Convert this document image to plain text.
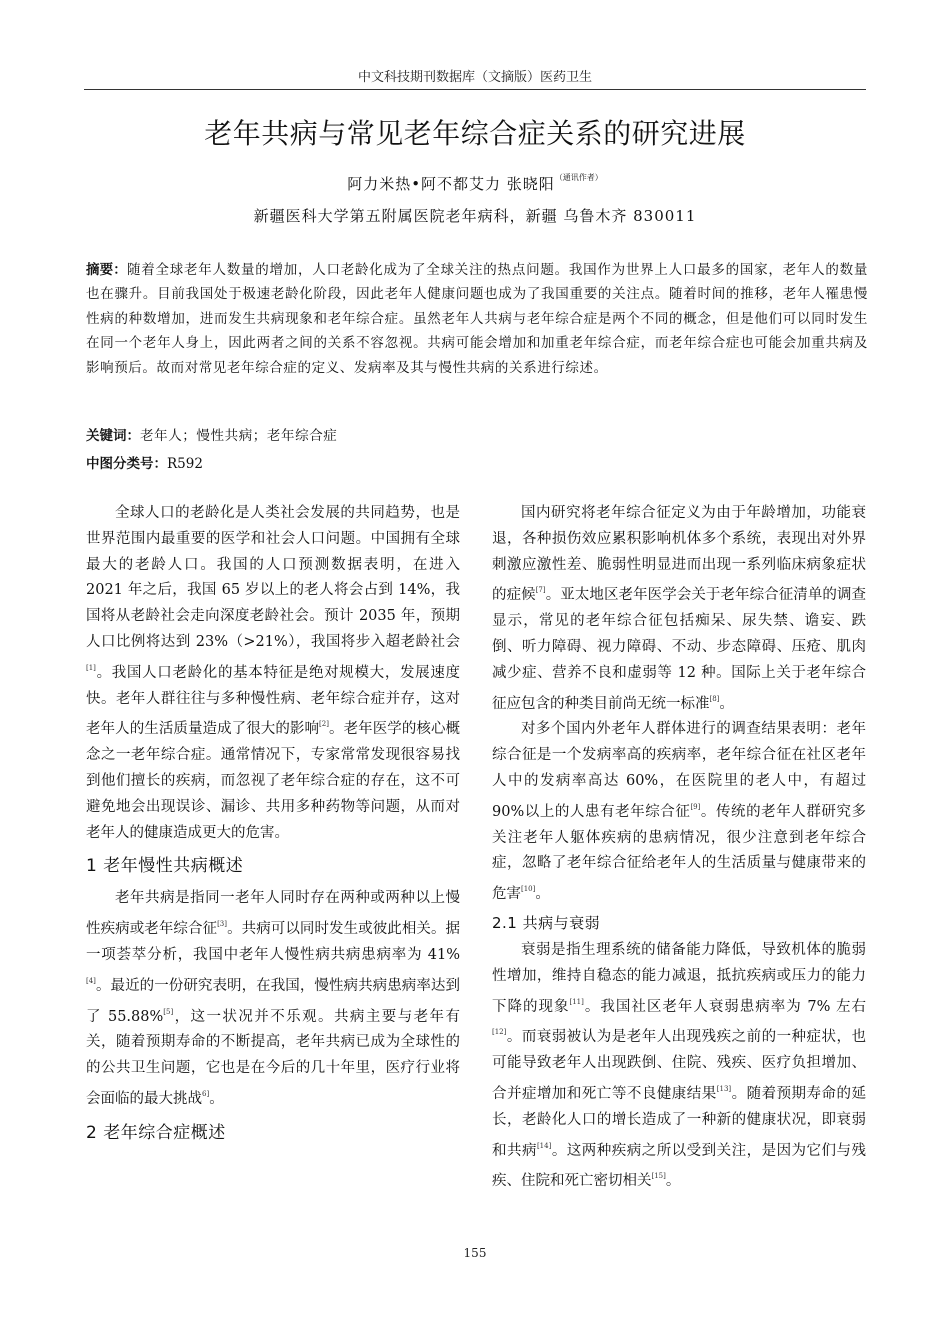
中文科技期刊数据库（文摘版）医药卫生
老年共病与常见老年综合症关系的研究进展
阿力米热•阿不都艾力 张晓阳$^{(通讯作者)}$
新疆医科大学第五附属医院老年病科，新疆 乌鲁木齐 830011
摘要：随着全球老年人数量的增加，人口老龄化成为了全球关注的热点问题。我国作为世界上人口最多的国家，老年人的数量也在骤升。目前我国处于极速老龄化阶段，因此老年人健康问题也成为了我国重要的关注点。随着时间的推移，老年人罹患慢性病的种数增加，进而发生共病现象和老年综合症。虽然老年人共病与老年综合症是两个不同的概念，但是他们可以同时发生在同一个老年人身上，因此两者之间的关系不容忽视。共病可能会增加和加重老年综合症，而老年综合症也可能会加重共病及影响预后。故而对常见老年综合症的定义、发病率及其与慢性共病的关系进行综述。
关键词：老年人；慢性共病；老年综合症
中图分类号：R592

全球人口的老龄化是人类社会发展的共同趋势，也是世界范围内最重要的医学和社会人口问题。中国拥有全球最大的老龄人口。我国的人口预测数据表明，在进入 2021 年之后，我国 65 岁以上的老人将会占到 14%，我国将从老龄社会走向深度老龄社会。预计 2035 年，预期人口比例将达到 23%（>21%），我国将步入超老龄社会[1]。我国人口老龄化的基本特征是绝对规模大，发展速度快。老年人群往往与多种慢性病、老年综合症并存，这对老年人的生活质量造成了很大的影响[2]。老年医学的核心概念之一老年综合症。通常情况下，专家常常发现很容易找到他们擅长的疾病，而忽视了老年综合症的存在，这不可避免地会出现误诊、漏诊、共用多种药物等问题，从而对老年人的健康造成更大的危害。

1 老年慢性共病概述

老年共病是指同一老年人同时存在两种或两种以上慢性疾病或老年综合征[3]。共病可以同时发生或彼此相关。据一项荟萃分析，我国中老年人慢性病共病患病率为 41%[4]。最近的一份研究表明，在我国，慢性病共病患病率达到了 55.88%[5]，这一状况并不乐观。共病主要与老年有关，随着预期寿命的不断提高，老年共病已成为全球性的的公共卫生问题，它也是在今后的几十年里，医疗行业将会面临的最大挑战$^{6]}$。

2 老年综合症概述

国内研究将老年综合征定义为由于年龄增加，功能衰退，各种损伤效应累积影响机体多个系统，表现出对外界刺激应激性差、脆弱性明显进而出现一系列临床病象症状的症候[7]。亚太地区老年医学会关于老年综合征清单的调查显示，常见的老年综合征包括痴呆、尿失禁、谵妄、跌倒、听力障碍、视力障碍、不动、步态障碍、压疮、肌肉减少症、营养不良和虚弱等 12 种。国际上关于老年综合征应包含的种类目前尚无统一标准[8]。

对多个国内外老年人群体进行的调查结果表明：老年综合征是一个发病率高的疾病率，老年综合征在社区老年人中的发病率高达 60%，在医院里的老人中，有超过 90%以上的人患有老年综合征[9]。传统的老年人群研究多关注老年人躯体疾病的患病情况，很少注意到老年综合症，忽略了老年综合征给老年人的生活质量与健康带来的危害[10]。

2.1 共病与衰弱

衰弱是指生理系统的储备能力降低，导致机体的脆弱性增加，维持自稳态的能力减退，抵抗疾病或压力的能力下降的现象[11]。我国社区老年人衰弱患病率为 7% 左右[12]。而衰弱被认为是老年人出现残疾之前的一种症状，也可能导致老年人出现跌倒、住院、残疾、医疗负担增加、合并症增加和死亡等不良健康结果[13]。随着预期寿命的延长，老龄化人口的增长造成了一种新的健康状况，即衰弱和共病[14]。这两种疾病之所以受到关注，是因为它们与残疾、住院和死亡密切相关[15]。

155
